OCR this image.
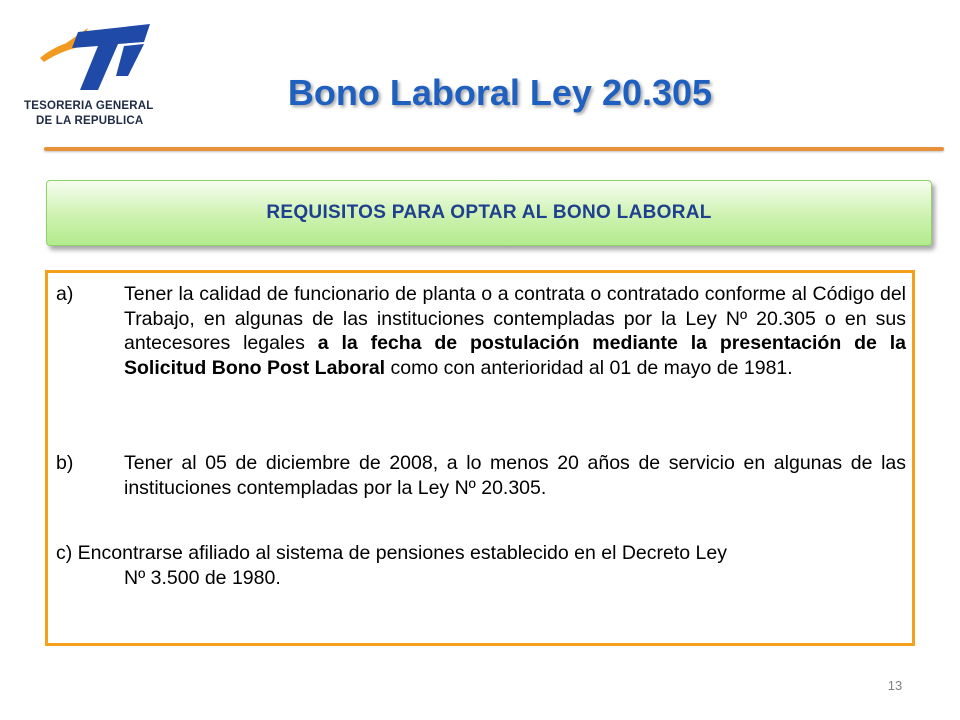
TESORERIA GENERAL
DE LA REPUBLICA
Bono Laboral Ley 20.305
REQUISITOS PARA OPTAR AL BONO LABORAL
a)	Tener la calidad de funcionario de planta o a contrata o contratado conforme al Código del Trabajo, en algunas de las instituciones contempladas por la Ley Nº 20.305 o en sus antecesores legales a la fecha de postulación mediante la presentación de la Solicitud Bono Post Laboral como con anterioridad al 01 de mayo de 1981.
b)	Tener al 05 de diciembre de 2008, a lo menos 20 años de servicio en algunas de las instituciones contempladas por la Ley Nº 20.305.
c) Encontrarse afiliado al sistema de pensiones establecido en el Decreto Ley
Nº 3.500 de 1980.
13
